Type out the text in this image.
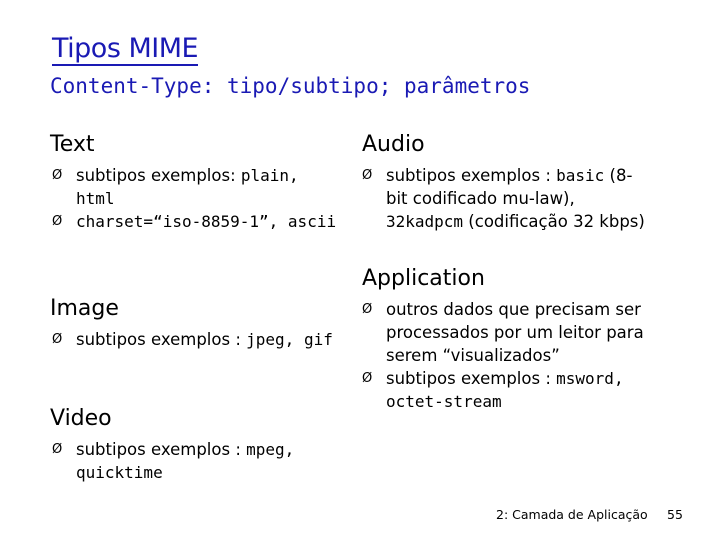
Tipos MIME
Content-Type: tipo/subtipo; parâmetros
Text
Ø subtipos exemplos: plain, html
Ø charset=“iso-8859-1”, ascii
Image
Ø subtipos exemplos : jpeg, gif
Video
Ø subtipos exemplos : mpeg, quicktime
Audio
Ø subtipos exemplos : basic (8-bit codificado mu-law), 32kadpcm (codificação 32 kbps)
Application
Ø outros dados que precisam ser processados por um leitor para serem “visualizados”
Ø subtipos exemplos : msword, octet-stream
2: Camada de Aplicação 55
